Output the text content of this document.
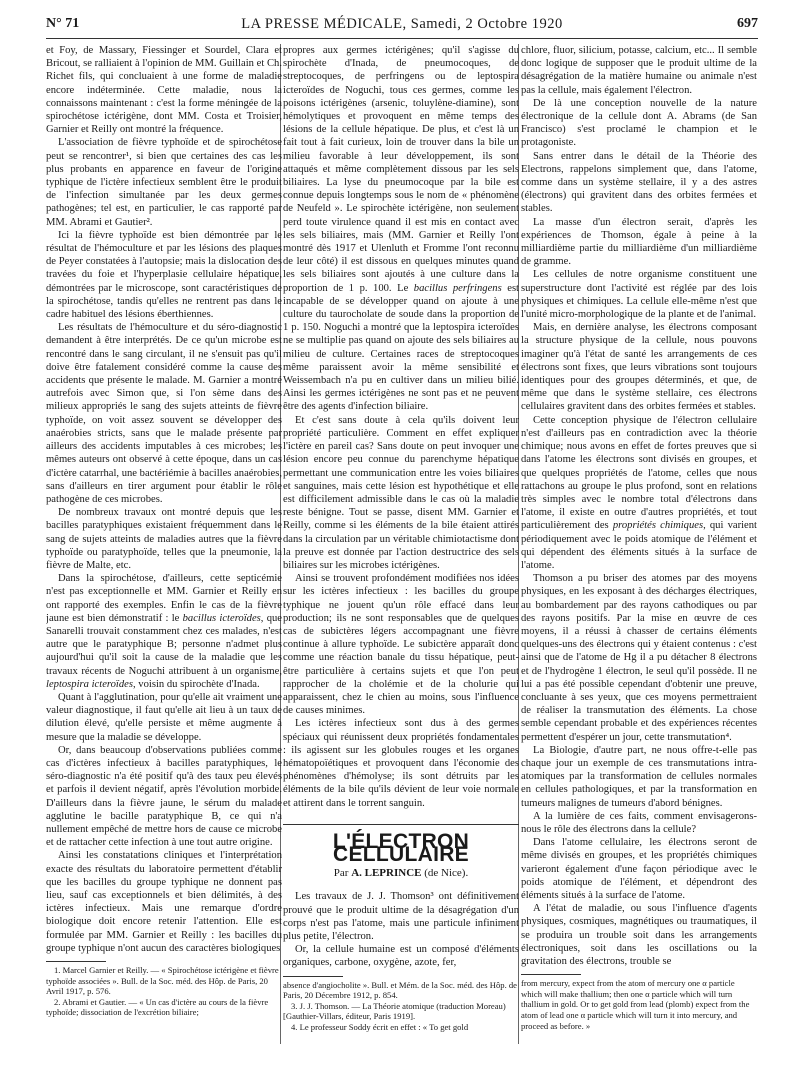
N° 71	LA PRESSE MÉDICALE, Samedi, 2 Octobre 1920	697

et Foy, de Massary, Fiessinger et Sourdel, Clara et Bricout, se ralliaient à l'opinion de MM. Guillain et Ch. Richet fils, qui concluaient à une forme de maladie encore indéterminée. Cette maladie, nous la connaissons maintenant : c'est la forme méningée de la spirochétose ictérigène, dont MM. Costa et Troisier, Garnier et Reilly ont montré la fréquence.

L'association de fièvre typhoïde et de spirochétose peut se rencontrer¹, si bien que certaines des cas les plus probants en apparence en faveur de l'origine typhique de l'ictère infectieux semblent être le produit de l'infection simultanée par les deux germes pathogènes; tel est, en particulier, le cas rapporté par MM. Abrami et Gautier².

Ici la fièvre typhoïde est bien démontrée par le résultat de l'hémoculture et par les lésions des plaques de Peyer constatées à l'autopsie; mais la dislocation des travées du foie et l'hyperplasie cellulaire hépatique, démontrées par le microscope, sont caractéristiques de la spirochétose, tandis qu'elles ne rentrent pas dans le cadre habituel des lésions éberthiennes.

Les résultats de l'hémoculture et du séro-diagnostic demandent à être interprétés. De ce qu'un microbe est rencontré dans le sang circulant, il ne s'ensuit pas qu'il doive être fatalement considéré comme la cause des accidents que présente le malade. M. Garnier a montré autrefois avec Simon que, si l'on sème dans des milieux appropriés le sang des sujets atteints de fièvre typhoïde, on voit assez souvent se développer des anaérobies stricts, sans que le malade présente par ailleurs des accidents imputables à ces microbes; les mêmes auteurs ont observé à cette époque, dans un cas d'ictère catarrhal, une bactériémie à bacilles anaérobies, sans d'ailleurs en tirer argument pour établir le rôle pathogène de ces microbes.

De nombreux travaux ont montré depuis que les bacilles paratyphiques existaient fréquemment dans le sang de sujets atteints de maladies autres que la fièvre typhoïde ou paratyphoïde, telles que la pneumonie, la fièvre de Malte, etc.

Dans la spirochétose, d'ailleurs, cette septicémie n'est pas exceptionnelle et MM. Garnier et Reilly en ont rapporté des exemples. Enfin le cas de la fièvre jaune est bien démonstratif : le bacillus icteroïdes, que Sanarelli trouvait constamment chez ces malades, n'est autre que le paratyphique B; personne n'admet plus aujourd'hui qu'il soit la cause de la maladie que les travaux récents de Noguchi attribuent à un organisme, leptospira icteroïdes, voisin du spirochète d'Inada.

Quant à l'agglutination, pour qu'elle ait vraiment une valeur diagnostique, il faut qu'elle ait lieu à un taux de dilution élevé, qu'elle persiste et même augmente à mesure que la maladie se développe.

Or, dans beaucoup d'observations publiées comme cas d'ictères infectieux à bacilles paratyphiques, le séro-diagnostic n'a été positif qu'à des taux peu élevés et parfois il devient négatif, après l'évolution morbide. D'ailleurs dans la fièvre jaune, le sérum du malade agglutine le bacille paratyphique B, ce qui n'a nullement empêché de mettre hors de cause ce microbe et de rattacher cette infection à une tout autre origine.

Ainsi les constatations cliniques et l'interprétation exacte des résultats du laboratoire permettent d'établir que les bacilles du groupe typhique ne donnent pas lieu, sauf cas exceptionnels et bien délimités, à des ictères infectieux. Mais une remarque d'ordre biologique doit encore retenir l'attention. Elle est formulée par MM. Garnier et Reilly : les bacilles du groupe typhique n'ont aucun des caractères biologiques

1. Marcel Garnier et Reilly. — « Spirochétose ictérigène et fièvre typhoïde associées ». Bull. de la Soc. méd. des Hôp. de Paris, 20 Avril 1917, p. 576.

2. Abrami et Gautier. — « Un cas d'ictère au cours de la fièvre typhoïde; dissociation de l'excrétion biliaire;

propres aux germes ictérigènes; qu'il s'agisse du spirochète d'Inada, de pneumocoques, de streptocoques, de perfringens ou de leptospira icteroïdes de Noguchi, tous ces germes, comme les poisons ictérigènes (arsenic, toluylène-diamine), sont hémolytiques et provoquent en même temps des lésions de la cellule hépatique. De plus, et c'est là un fait tout à fait curieux, loin de trouver dans la bile un milieu favorable à leur développement, ils sont attaqués et même complètement dissous par les sels biliaires. La lyse du pneumocoque par la bile est connue depuis longtemps sous le nom de « phénomène de Neufeld ». Le spirochète ictérigène, non seulement perd toute virulence quand il est mis en contact avec les sels biliaires, mais (MM. Garnier et Reilly l'ont montré dès 1917 et Ulenluth et Fromme l'ont reconnu de leur côté) il est dissous en quelques minutes quand les sels biliaires sont ajoutés à une culture dans la proportion de 1 p. 100. Le bacillus perfringens est incapable de se développer quand on ajoute à une culture du taurocholate de soude dans la proportion de 1 p. 150. Noguchi a montré que la leptospira icteroïdes ne se multiplie pas quand on ajoute des sels biliaires au milieu de culture. Certaines races de streptocoques même paraissent avoir la même sensibilité et Weissembach n'a pu en cultiver dans un milieu bilié. Ainsi les germes ictérigènes ne sont pas et ne peuvent être des agents d'infection biliaire.

Et c'est sans doute à cela qu'ils doivent leur propriété particulière. Comment en effet expliquer l'ictère en pareil cas? Sans doute on peut invoquer une lésion encore peu connue du parenchyme hépatique permettant une communication entre les voies biliaires et sanguines, mais cette lésion est hypothétique et elle est difficilement admissible dans le cas où la maladie reste bénigne. Tout se passe, disent MM. Garnier et Reilly, comme si les éléments de la bile étaient attirés dans la circulation par un véritable chimiotactisme dont la preuve est donnée par l'action destructrice des sels biliaires sur les microbes ictérigènes.

Ainsi se trouvent profondément modifiées nos idées sur les ictères infectieux : les bacilles du groupe typhique ne jouent qu'un rôle effacé dans leur production; ils ne sont responsables que de quelques cas de subictères légers accompagnant une fièvre continue à allure typhoïde. Le subictère apparaît donc comme une réaction banale du tissu hépatique, peut-être particulière à certains sujets et que l'on peut rapprocher de la cholémie et de la cholurie qui apparaissent, chez le chien au moins, sous l'influence de causes minimes.

Les ictères infectieux sont dus à des germes spéciaux qui réunissent deux propriétés fondamentales : ils agissent sur les globules rouges et les organes hématopoïétiques et provoquent dans l'économie des phénomènes d'hémolyse; ils sont détruits par les éléments de la bile qu'ils dévient de leur voie normale et attirent dans le torrent sanguin.

L'ÉLECTRON CELLULAIRE
Par A. LEPRINCE (de Nice).

Les travaux de J. J. Thomson³ ont définitivement prouvé que le produit ultime de la désagrégation d'un corps n'est pas l'atome, mais une particule infiniment plus petite, l'électron.

Or, la cellule humaine est un composé d'éléments organiques, carbone, oxygène, azote, fer,

absence d'angiocholite ». Bull. et Mém. de la Soc. méd. des Hôp. de Paris, 20 Décembre 1912, p. 854.

3. J. J. Thomson. — La Théorie atomique (traduction Moreau) [Gauthier-Villars, éditeur, Paris 1919].

4. Le professeur Soddy écrit en effet : « To get gold

chlore, fluor, silicium, potasse, calcium, etc... Il semble donc logique de supposer que le produit ultime de la désagrégation de la matière humaine ou animale n'est pas la cellule, mais également l'électron.

De là une conception nouvelle de la nature électronique de la cellule dont A. Abrams (de San Francisco) s'est proclamé le champion et le protagoniste.

Sans entrer dans le détail de la Théorie des Electrons, rappelons simplement que, dans l'atome, comme dans un système stellaire, il y a des astres (électrons) qui gravitent dans des orbites fermées et stables.

La masse d'un électron serait, d'après les expériences de Thomson, égale à peine à la milliardième partie du milliardième d'un milliardième de gramme.

Les cellules de notre organisme constituent une superstructure dont l'activité est réglée par des lois physiques et chimiques. La cellule elle-même n'est que l'unité micro-morphologique de la plante et de l'animal.

Mais, en dernière analyse, les électrons composant la structure physique de la cellule, nous pouvons imaginer qu'à l'état de santé les arrangements de ces électrons sont fixes, que leurs vibrations sont toujours identiques pour des groupes déterminés, et que, de même que dans le système stellaire, ces électrons cellulaires gravitent dans des orbites fermées et stables.

Cette conception physique de l'électron cellulaire n'est d'ailleurs pas en contradiction avec la théorie chimique; nous avons en effet de fortes preuves que si dans l'atome les électrons sont divisés en groupes, et que quelques propriétés de l'atome, celles que nous rattachons au groupe le plus profond, sont en relations très simples avec le nombre total d'électrons dans l'atome, il existe en outre d'autres propriétés, et tout particulièrement des propriétés chimiques, qui varient périodiquement avec le poids atomique de l'élément et qui dépendent des éléments situés à la surface de l'atome.

Thomson a pu briser des atomes par des moyens physiques, en les exposant à des décharges électriques, au bombardement par des rayons cathodiques ou par des rayons positifs. Par la mise en œuvre de ces moyens, il a réussi à chasser de certains éléments quelques-uns des électrons qui y étaient contenus : c'est ainsi que de l'atome de Hg il a pu détacher 8 électrons et de l'hydrogène 1 électron, le seul qu'il possède. Il ne lui a pas été possible cependant d'obtenir une preuve, concluante à ses yeux, que ces moyens permettraient de réaliser la transmutation des éléments. La chose semble cependant probable et des expériences récentes permettent d'espérer un jour, cette transmutation⁴.

La Biologie, d'autre part, ne nous offre-t-elle pas chaque jour un exemple de ces transmutations intra-atomiques par la transformation de cellules normales en cellules pathologiques, et par la transformation en tumeurs malignes de tumeurs d'abord bénignes.

A la lumière de ces faits, comment envisagerons-nous le rôle des électrons dans la cellule?

Dans l'atome cellulaire, les électrons seront de même divisés en groupes, et les propriétés chimiques varieront également d'une façon périodique avec le poids atomique de l'élément, et dépendront des éléments situés à la surface de l'atome.

A l'état de maladie, ou sous l'influence d'agents physiques, cosmiques, magnétiques ou traumatiques, il se produira un trouble soit dans les arrangements électroniques, soit dans les oscillations ou la gravitation des électrons, trouble se

from mercury, expect from the atom of mercury one α particle which will make thallium; then one α particle which will turn thallium in gold. Or to get gold from lead (plomb) expect from the atom of lead one α particle which will turn it into mercury, and proceed as before. »
